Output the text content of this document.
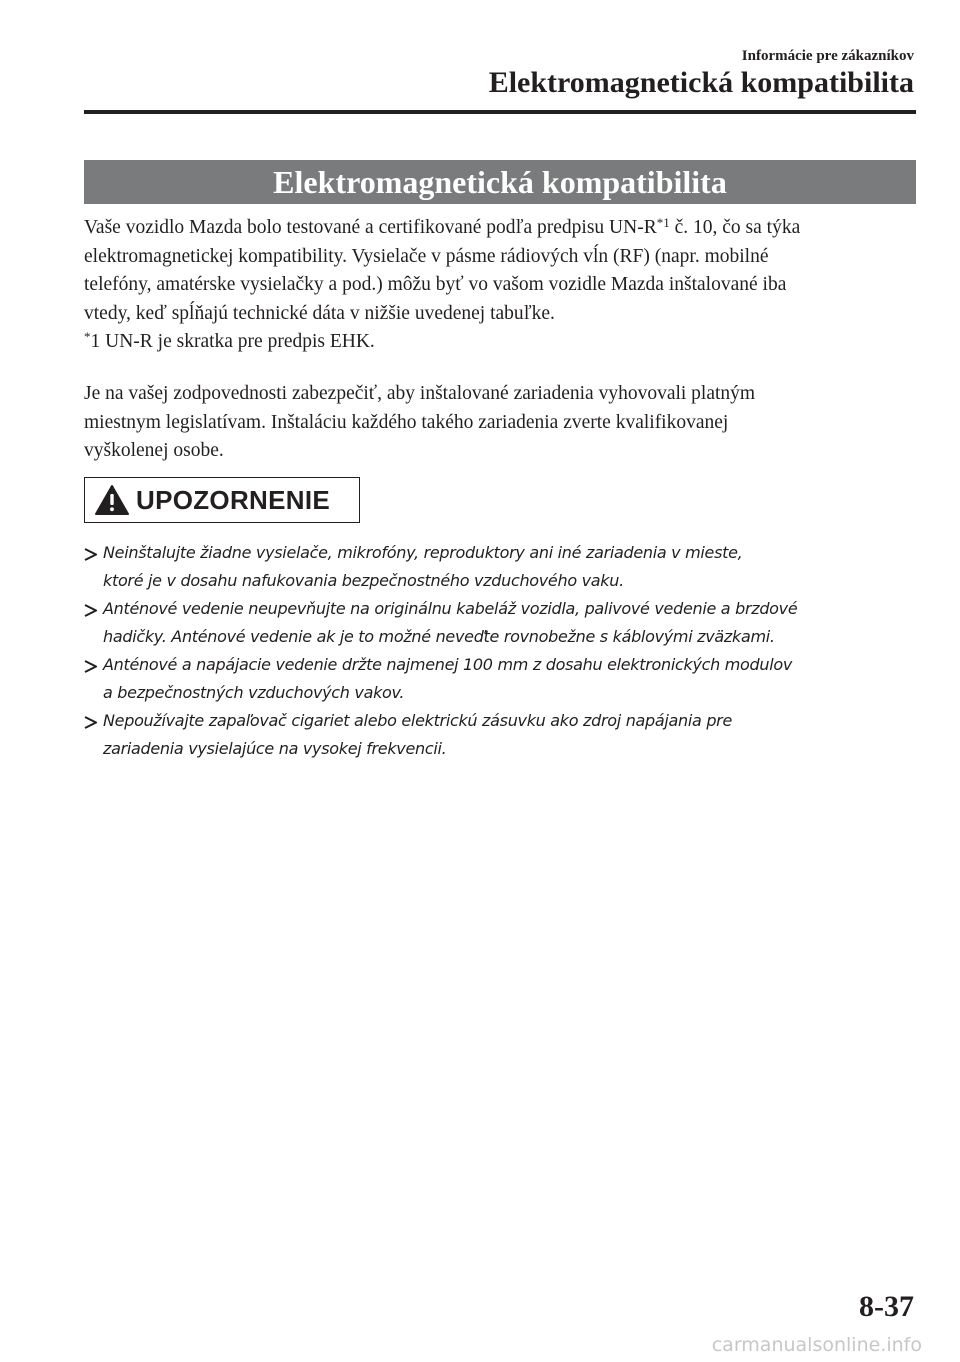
Informácie pre zákazníkov
Elektromagnetická kompatibilita
Elektromagnetická kompatibilita

Vaše vozidlo Mazda bolo testované a certifikované podľa predpisu $UN-R^{*1}$ č. 10, čo sa týka

elektromagnetickej kompatibility. Vysielače v pásme rádiových vĺn (RF) (napr. mobilné

telefóny, amatérske vysielačky a pod.) môžu byť vo vašom vozidle Mazda inštalované iba

vtedy, keď spĺňajú technické dáta v nižšie uvedenej tabuľke.

*1 UN-R je skratka pre predpis EHK.

Je na vašej zodpovednosti zabezpečiť, aby inštalované zariadenia vyhovovali platným

miestnym legislatívam. Inštaláciu každého takého zariadenia zverte kvalifikovanej

vyškolenej osobe.

UPOZORNENIE
Neinštalujte žiadne vysielače, mikrofóny, reproduktory ani iné zariadenia v mieste,
ktoré je v dosahu nafukovania bezpečnostného vzduchového vaku.
Anténové vedenie neupevňujte na originálnu kabeláž vozidla, palivové vedenie a brzdové
hadičky. Anténové vedenie ak je to možné neveďte rovnobežne s káblovými zväzkami.
Anténové a napájacie vedenie držte najmenej 100 mm z dosahu elektronických modulov
a bezpečnostných vzduchových vakov.
Nepoužívajte zapaľovač cigariet alebo elektrickú zásuvku ako zdroj napájania pre
zariadenia vysielajúce na vysokej frekvencii.
8-37
carmanualsonline.info
